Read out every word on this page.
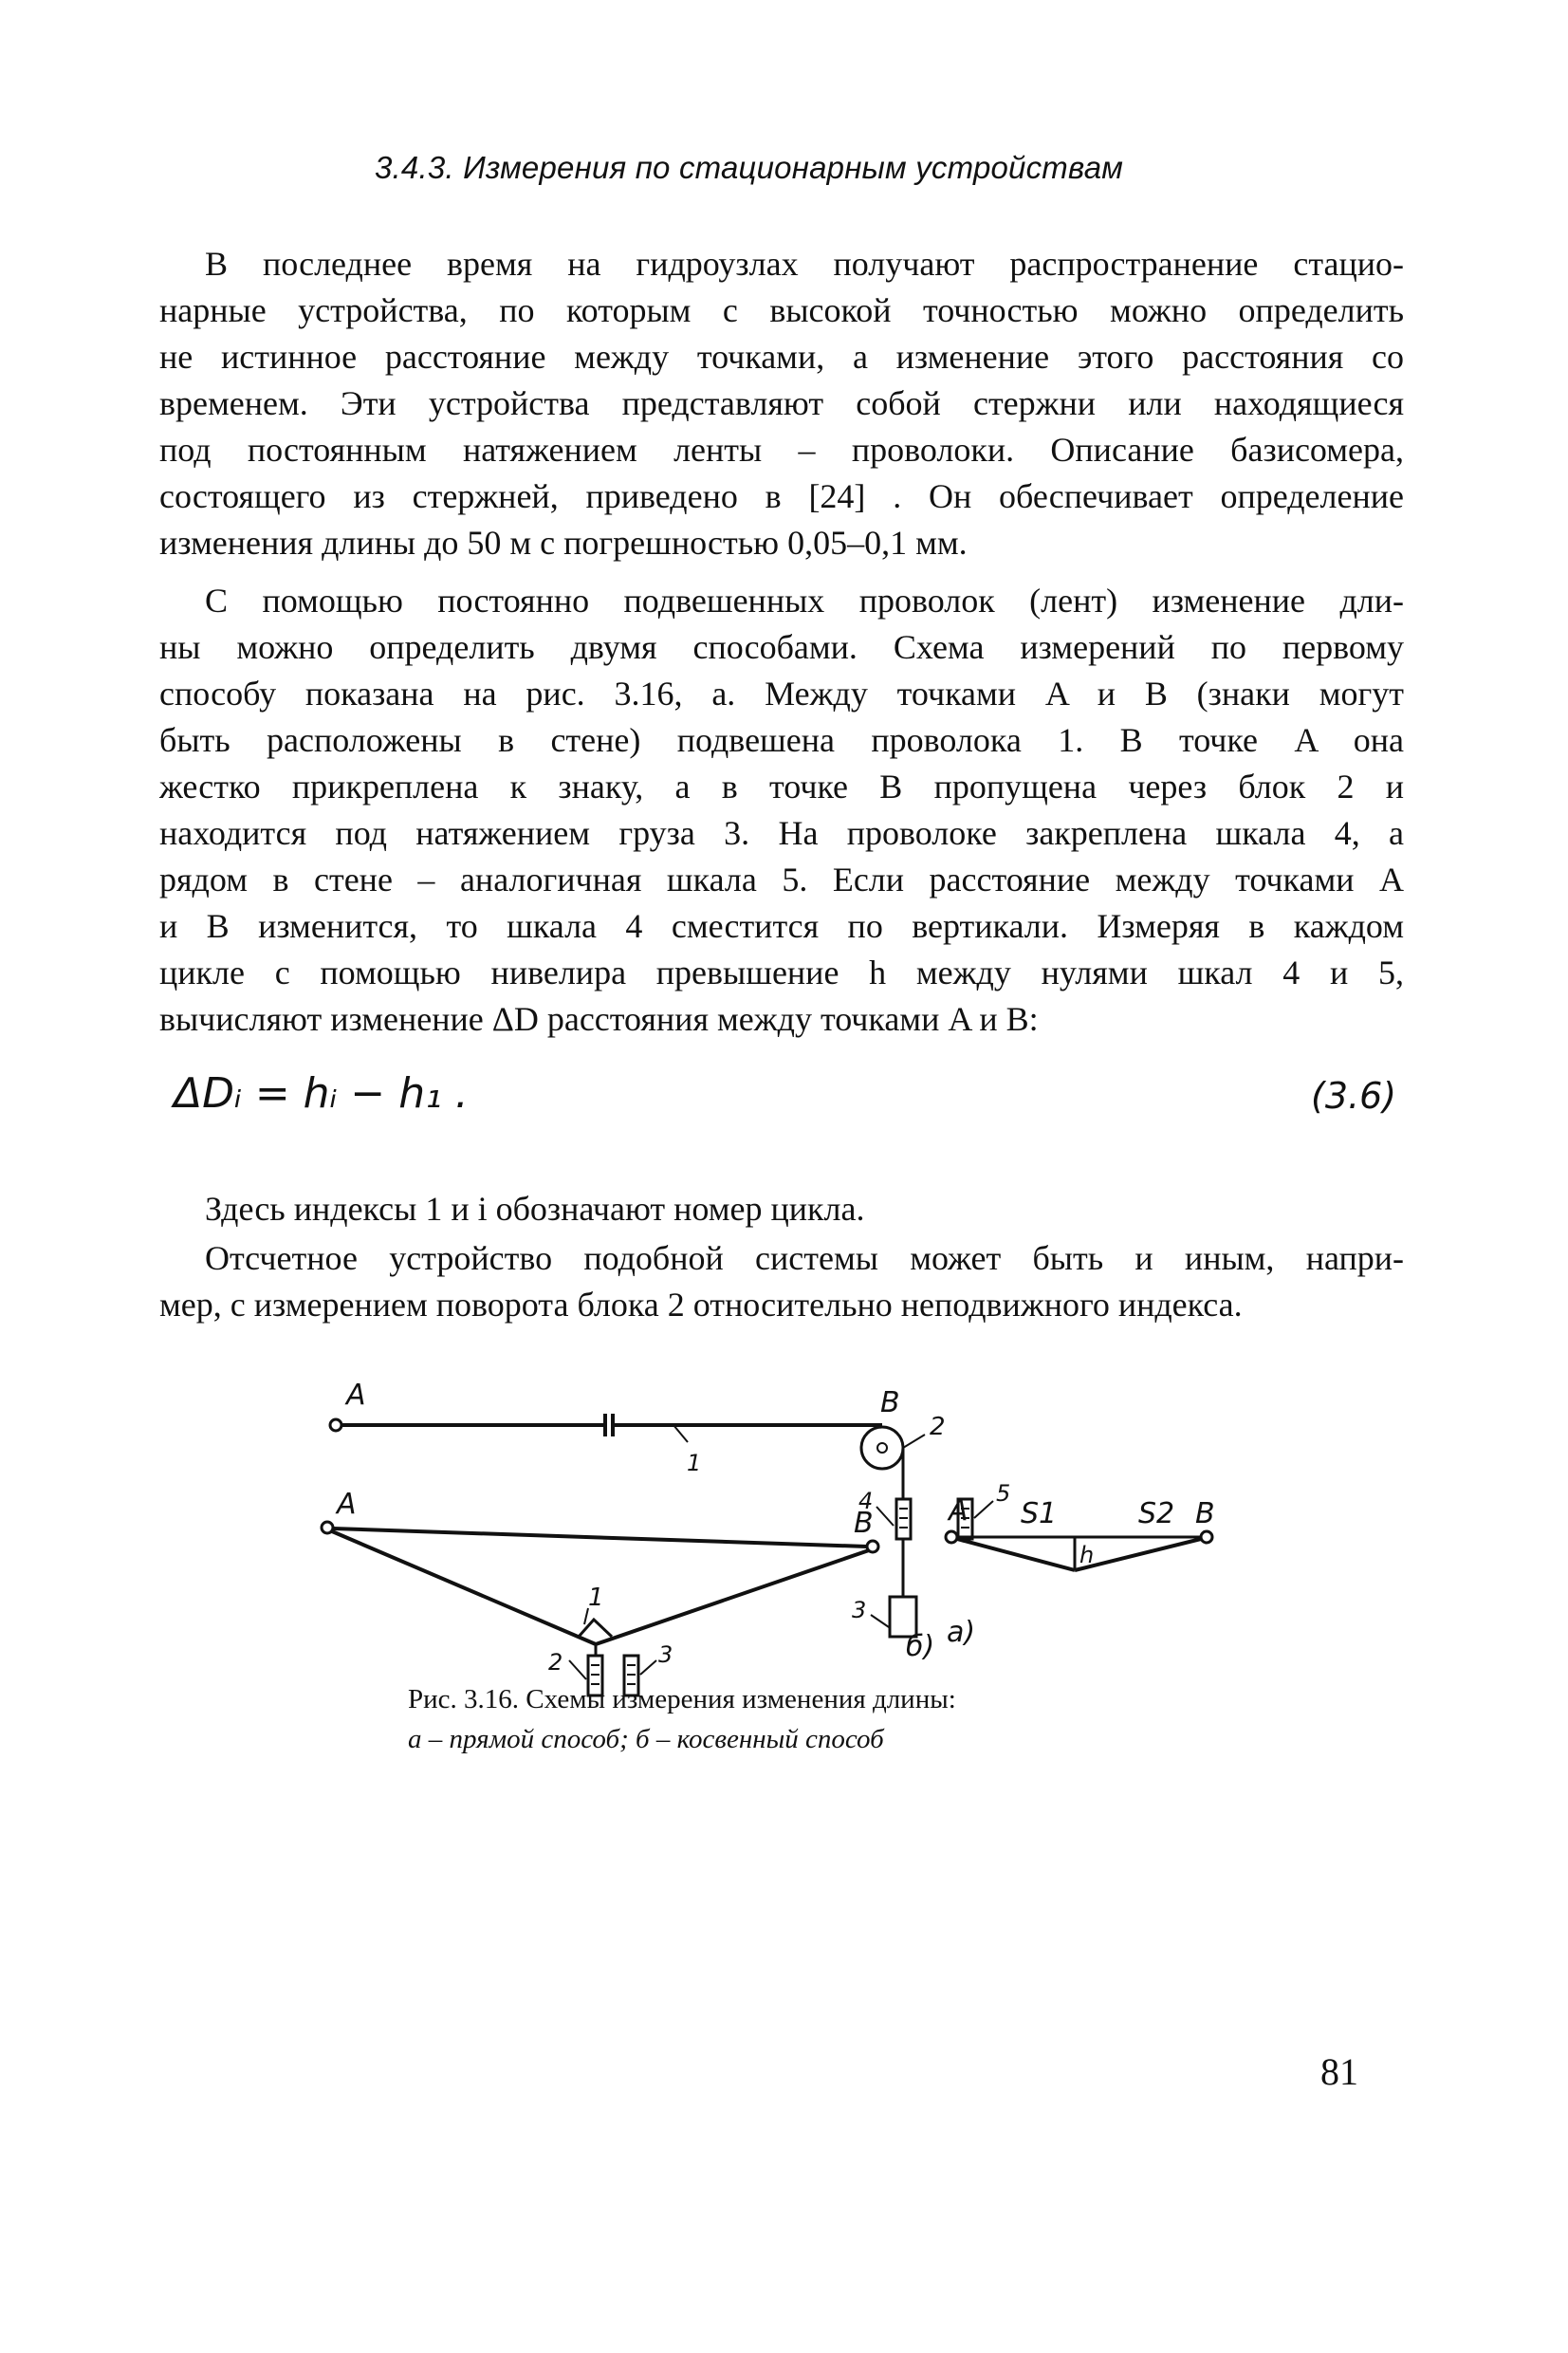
3.4.3. Измерения по стационарным устройствам
В последнее время на гидроузлах получают распространение стацио-
нарные устройства, по которым с высокой точностью можно определить
не истинное расстояние между точками, а изменение этого расстояния со
временем. Эти устройства представляют собой стержни или находящиеся
под постоянным натяжением ленты – проволоки. Описание базисомера,
состоящего из стержней, приведено в [24] . Он обеспечивает определение
изменения длины до 50 м с погрешностью 0,05–0,1 мм.
С помощью постоянно подвешенных проволок (лент) изменение дли-
ны можно определить двумя способами. Схема измерений по первому
способу показана на рис. 3.16, а. Между точками A и B (знаки могут
быть расположены в стене) подвешена проволока 1. В точке A она
жестко прикреплена к знаку, а в точке B пропущена через блок 2 и
находится под натяжением груза 3. На проволоке закреплена шкала 4, а
рядом в стене – аналогичная шкала 5. Если расстояние между точками A
и B изменится, то шкала 4 сместится по вертикали. Измеряя в каждом
цикле с помощью нивелира превышение h между нулями шкал 4 и 5,
вычисляют изменение ΔD расстояния между точками A и B:
ΔDᵢ = hᵢ − h₁ .	(3.6)
Здесь индексы 1 и i обозначают номер цикла.
Отсчетное устройство подобной системы может быть и иным, напри-
мер, с измерением поворота блока 2 относительно неподвижного индекса.
A	B
1
2
3
4	5
а)
A
B
1
2	3
A S1	S2 B
h
б)
Рис. 3.16. Схемы измерения изменения длины:
а – прямой способ; б – косвенный способ
81
